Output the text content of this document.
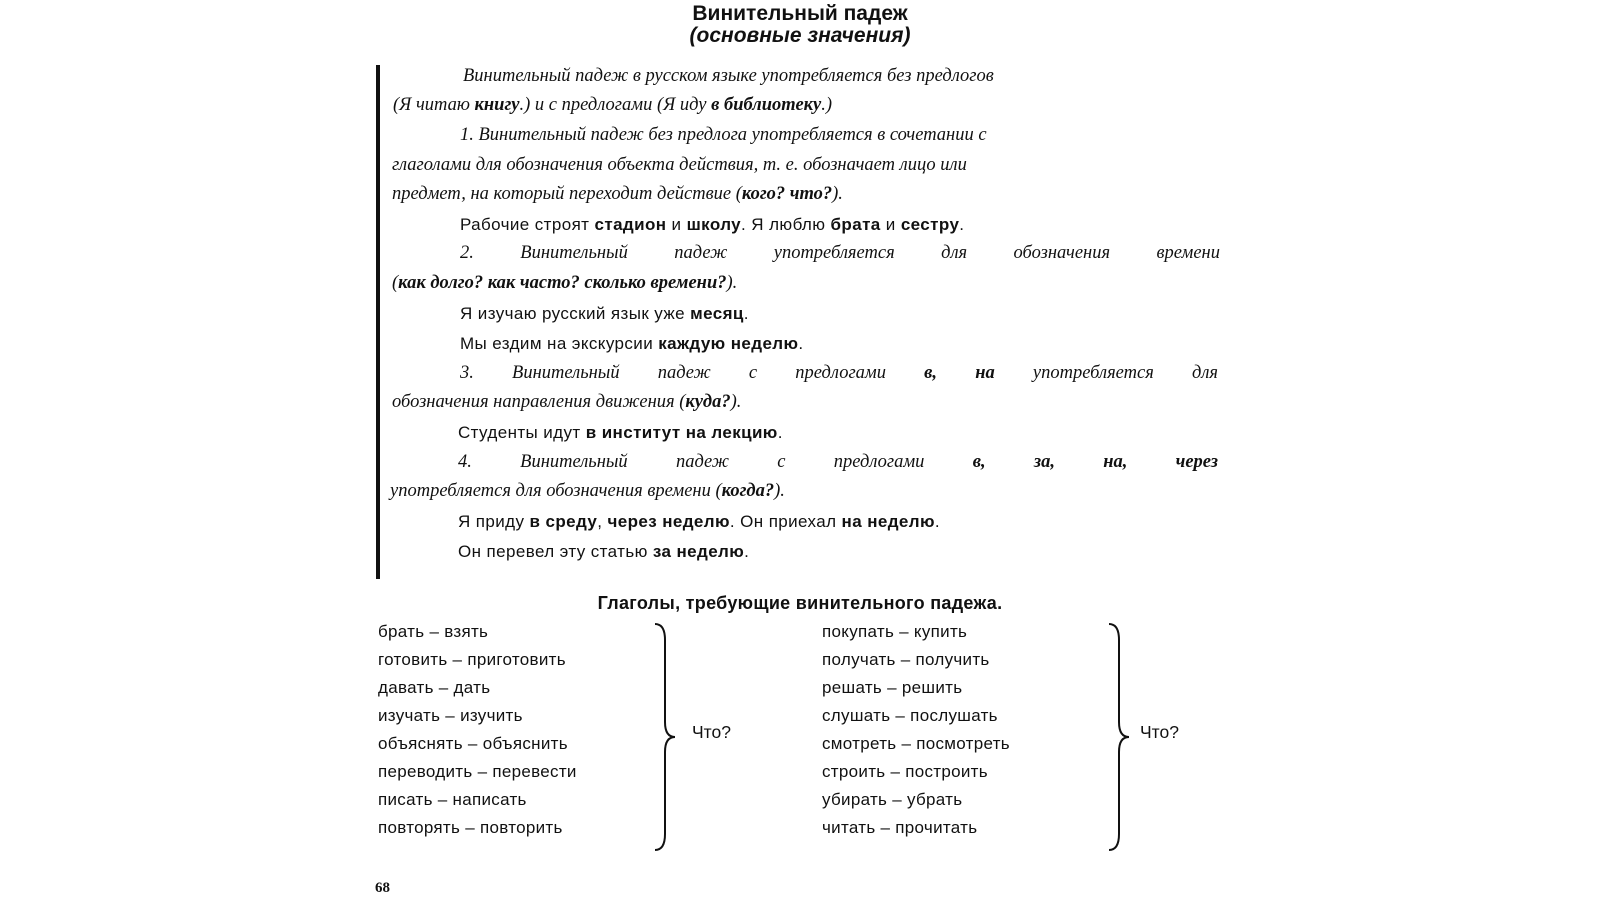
Винительный падеж
(основные значения)
Винительный падеж в русском языке употребляется без предлогов
(Я читаю книгу.) и с предлогами (Я иду в библиотеку.)
1. Винительный падеж без предлога употребляется в сочетании с
глаголами для обозначения объекта действия, т. е. обозначает лицо или
предмет, на который переходит действие (кого? что?).
Рабочие строят стадион и школу. Я люблю брата и сестру.
2. Винительный падеж употребляется для обозначения времени
(как долго? как часто? сколько времени?).
Я изучаю русский язык уже месяц.
Мы ездим на экскурсии каждую неделю.
3. Винительный падеж с предлогами в, на употребляется для
обозначения направления движения (куда?).
Студенты идут в институт на лекцию.
4. Винительный падеж с предлогами в, за, на, через
употребляется для обозначения времени (когда?).
Я приду в среду, через неделю. Он приехал на неделю.
Он перевел эту статью за неделю.
Глаголы, требующие винительного падежа.
брать – взять
готовить – приготовить
давать – дать
изучать – изучить
объяснять – объяснить
переводить – перевести
писать – написать
повторять – повторить
Что?
покупать – купить
получать – получить
решать – решить
слушать – послушать
смотреть – посмотреть
строить – построить
убирать – убрать
читать – прочитать
Что?
68
